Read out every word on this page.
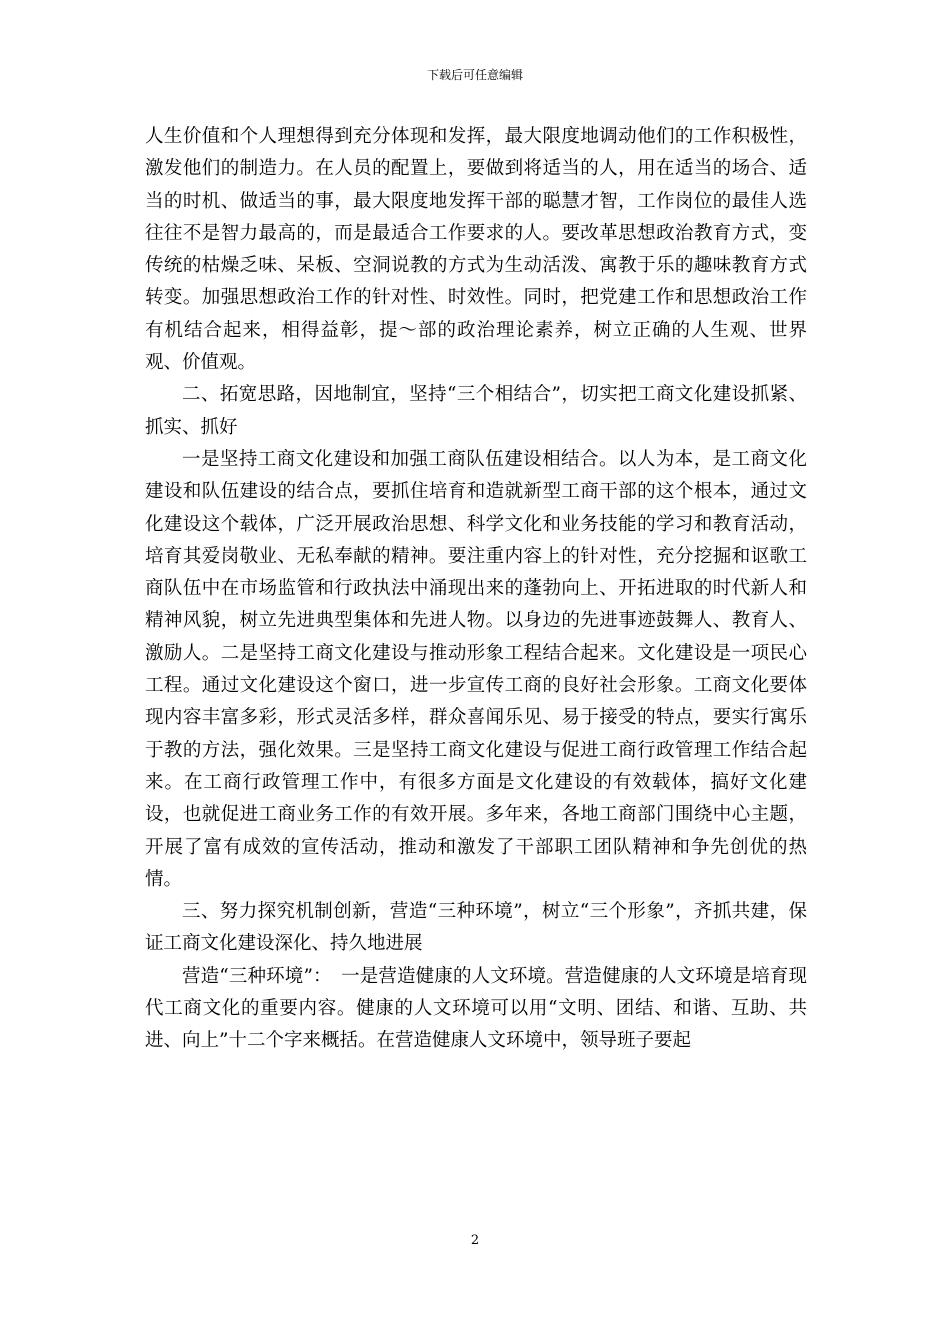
下载后可任意编辑

人生价值和个人理想得到充分体现和发挥，最大限度地调动他们的工作积极性，激发他们的制造力。在人员的配置上，要做到将适当的人，用在适当的场合、适当的时机、做适当的事，最大限度地发挥干部的聪慧才智，工作岗位的最佳人选往往不是智力最高的，而是最适合工作要求的人。要改革思想政治教育方式，变传统的枯燥乏味、呆板、空洞说教的方式为生动活泼、寓教于乐的趣味教育方式转变。加强思想政治工作的针对性、时效性。同时，把党建工作和思想政治工作有机结合起来，相得益彰，提～部的政治理论素养，树立正确的人生观、世界观、价值观。

二、拓宽思路，因地制宜，坚持“三个相结合”，切实把工商文化建设抓紧、抓实、抓好

一是坚持工商文化建设和加强工商队伍建设相结合。以人为本，是工商文化建设和队伍建设的结合点，要抓住培育和造就新型工商干部的这个根本，通过文化建设这个载体，广泛开展政治思想、科学文化和业务技能的学习和教育活动，培育其爱岗敬业、无私奉献的精神。要注重内容上的针对性，充分挖掘和讴歌工商队伍中在市场监管和行政执法中涌现出来的蓬勃向上、开拓进取的时代新人和精神风貌，树立先进典型集体和先进人物。以身边的先进事迹鼓舞人、教育人、激励人。二是坚持工商文化建设与推动形象工程结合起来。文化建设是一项民心工程。通过文化建设这个窗口，进一步宣传工商的良好社会形象。工商文化要体现内容丰富多彩，形式灵活多样，群众喜闻乐见、易于接受的特点，要实行寓乐于教的方法，强化效果。三是坚持工商文化建设与促进工商行政管理工作结合起来。在工商行政管理工作中，有很多方面是文化建设的有效载体，搞好文化建设，也就促进工商业务工作的有效开展。多年来，各地工商部门围绕中心主题，开展了富有成效的宣传活动，推动和激发了干部职工团队精神和争先创优的热情。

三、努力探究机制创新，营造“三种环境”，树立“三个形象”，齐抓共建，保证工商文化建设深化、持久地进展

营造“三种环境”：　一是营造健康的人文环境。营造健康的人文环境是培育现代工商文化的重要内容。健康的人文环境可以用“文明、团结、和谐、互助、共进、向上”十二个字来概括。在营造健康人文环境中，领导班子要起

2
